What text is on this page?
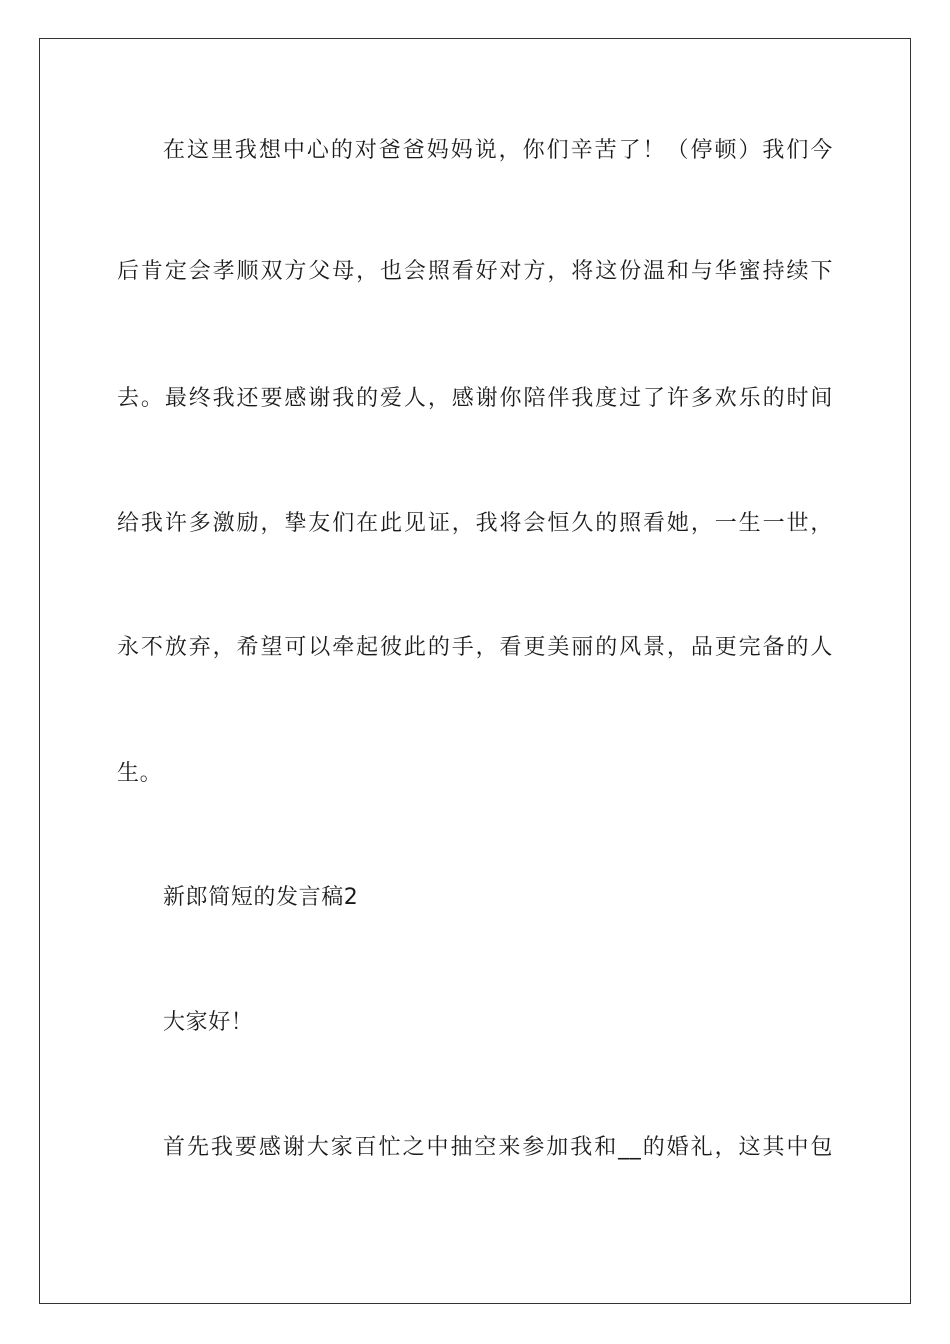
在这里我想中心的对爸爸妈妈说，你们辛苦了！（停顿）我们今
后肯定会孝顺双方父母，也会照看好对方，将这份温和与华蜜持续下
去。最终我还要感谢我的爱人，感谢你陪伴我度过了许多欢乐的时间
给我许多激励，挚友们在此见证，我将会恒久的照看她，一生一世，
永不放弃，希望可以牵起彼此的手，看更美丽的风景，品更完备的人
生。
新郎简短的发言稿2
大家好！
首先我要感谢大家百忙之中抽空来参加我和__的婚礼，这其中包
